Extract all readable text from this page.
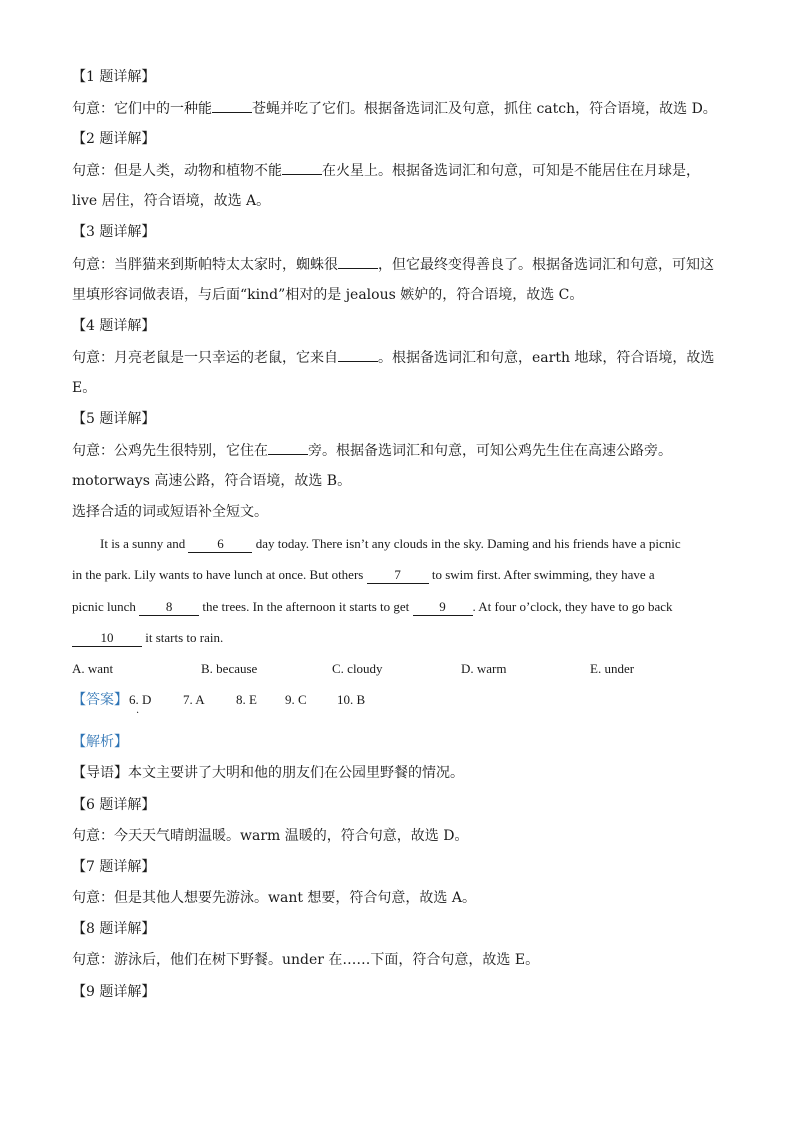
【1 题详解】
句意：它们中的一种能	苍蝇并吃了它们。根据备选词汇及句意，抓住 catch，符合语境，故选 D。
【2 题详解】
句意：但是人类，动物和植物不能	在火星上。根据备选词汇和句意，可知是不能居住在月球是，
live 居住，符合语境，故选 A。
【3 题详解】
句意：当胖猫来到斯帕特太太家时，蜘蛛很	，但它最终变得善良了。根据备选词汇和句意，可知这
里填形容词做表语，与后面“kind”相对的是 jealous 嫉妒的，符合语境，故选 C。
【4 题详解】
句意：月亮老鼠是一只幸运的老鼠，它来自	。根据备选词汇和句意，earth 地球，符合语境，故选
E。
【5 题详解】
句意：公鸡先生很特别，它住在	旁。根据备选词汇和句意，可知公鸡先生住在高速公路旁。
motorways 高速公路，符合语境，故选 B。
选择合适的词或短语补全短文。
It is a sunny and 6 day today. There isn’t any clouds in the sky. Daming and his friends have a picnic
in the park. Lily wants to have lunch at once. But others 7 to swim first. After swimming, they have a
picnic lunch 8 the trees. In the afternoon it starts to get 9 . At four o’clock, they have to go back
10 it starts to rain.
A. want	B. because	C. cloudy	D. warm	E. under
【答案】 6. D
.
7. A 8. E 9. C 10. B
【解析】
【导语】本文主要讲了大明和他的朋友们在公园里野餐的情况。
【6 题详解】
句意：今天天气晴朗温暖。warm 温暖的，符合句意，故选 D。
【7 题详解】
句意：但是其他人想要先游泳。want 想要，符合句意，故选 A。
【8 题详解】
句意：游泳后，他们在树下野餐。under 在……下面，符合句意，故选 E。
【9 题详解】
